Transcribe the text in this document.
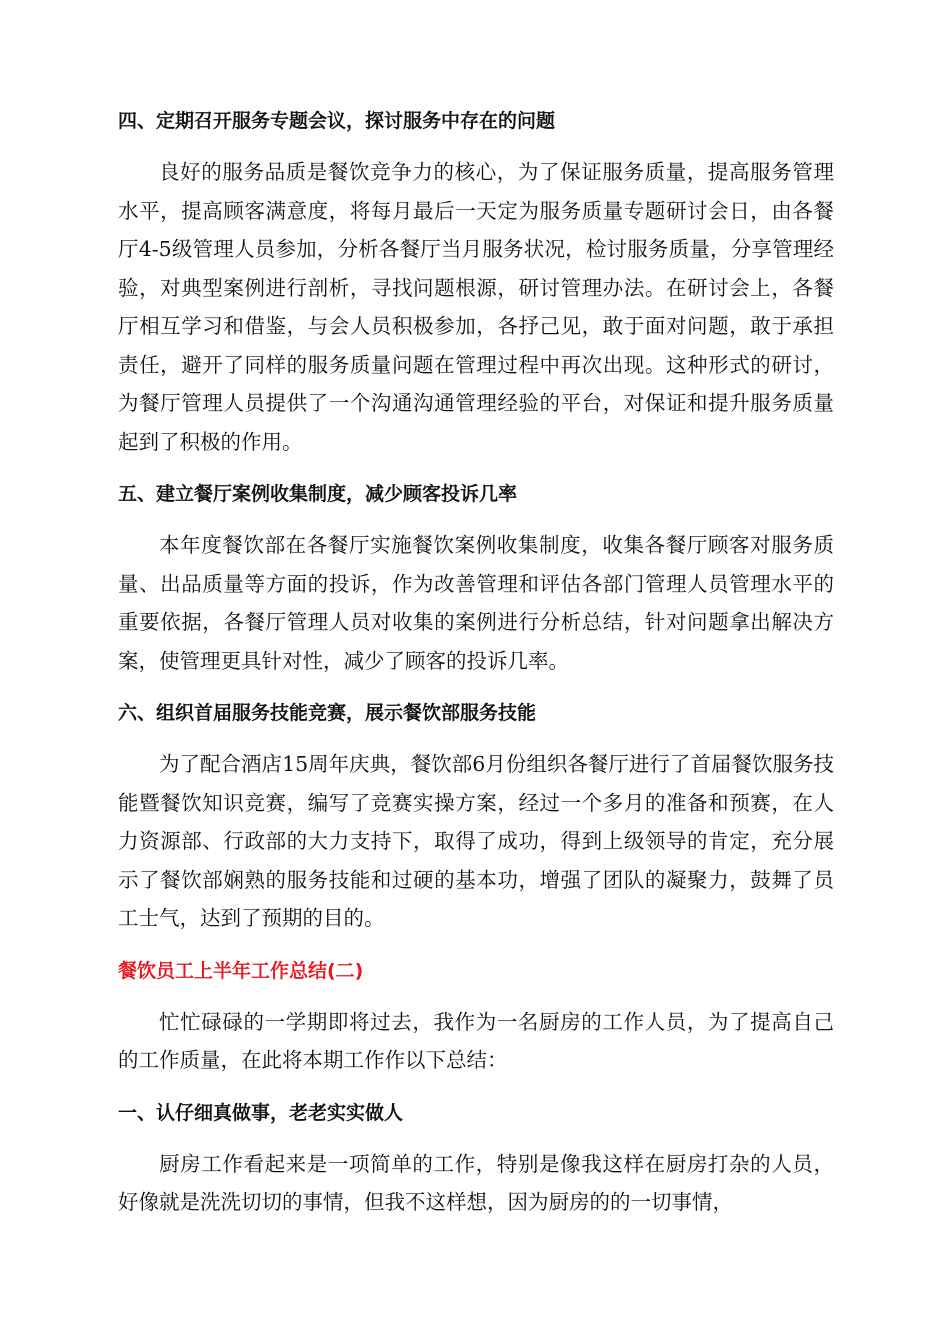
四、定期召开服务专题会议，探讨服务中存在的问题

良好的服务品质是餐饮竞争力的核心，为了保证服务质量，提高服务管理水平，提高顾客满意度，将每月最后一天定为服务质量专题研讨会日，由各餐厅4-5级管理人员参加，分析各餐厅当月服务状况，检讨服务质量，分享管理经验，对典型案例进行剖析，寻找问题根源，研讨管理办法。在研讨会上，各餐厅相互学习和借鉴，与会人员积极参加，各抒己见，敢于面对问题，敢于承担责任，避开了同样的服务质量问题在管理过程中再次出现。这种形式的研讨，为餐厅管理人员提供了一个沟通沟通管理经验的平台，对保证和提升服务质量起到了积极的作用。

五、建立餐厅案例收集制度，减少顾客投诉几率

本年度餐饮部在各餐厅实施餐饮案例收集制度，收集各餐厅顾客对服务质量、出品质量等方面的投诉，作为改善管理和评估各部门管理人员管理水平的重要依据，各餐厅管理人员对收集的案例进行分析总结，针对问题拿出解决方案，使管理更具针对性，减少了顾客的投诉几率。

六、组织首届服务技能竞赛，展示餐饮部服务技能

为了配合酒店15周年庆典，餐饮部6月份组织各餐厅进行了首届餐饮服务技能暨餐饮知识竞赛，编写了竞赛实操方案，经过一个多月的准备和预赛，在人力资源部、行政部的大力支持下，取得了成功，得到上级领导的肯定，充分展示了餐饮部娴熟的服务技能和过硬的基本功，增强了团队的凝聚力，鼓舞了员工士气，达到了预期的目的。

餐饮员工上半年工作总结(二)

忙忙碌碌的一学期即将过去，我作为一名厨房的工作人员，为了提高自己的工作质量，在此将本期工作作以下总结：

一、认仔细真做事，老老实实做人

厨房工作看起来是一项简单的工作，特别是像我这样在厨房打杂的人员，好像就是洗洗切切的事情，但我不这样想，因为厨房的的一切事情，
